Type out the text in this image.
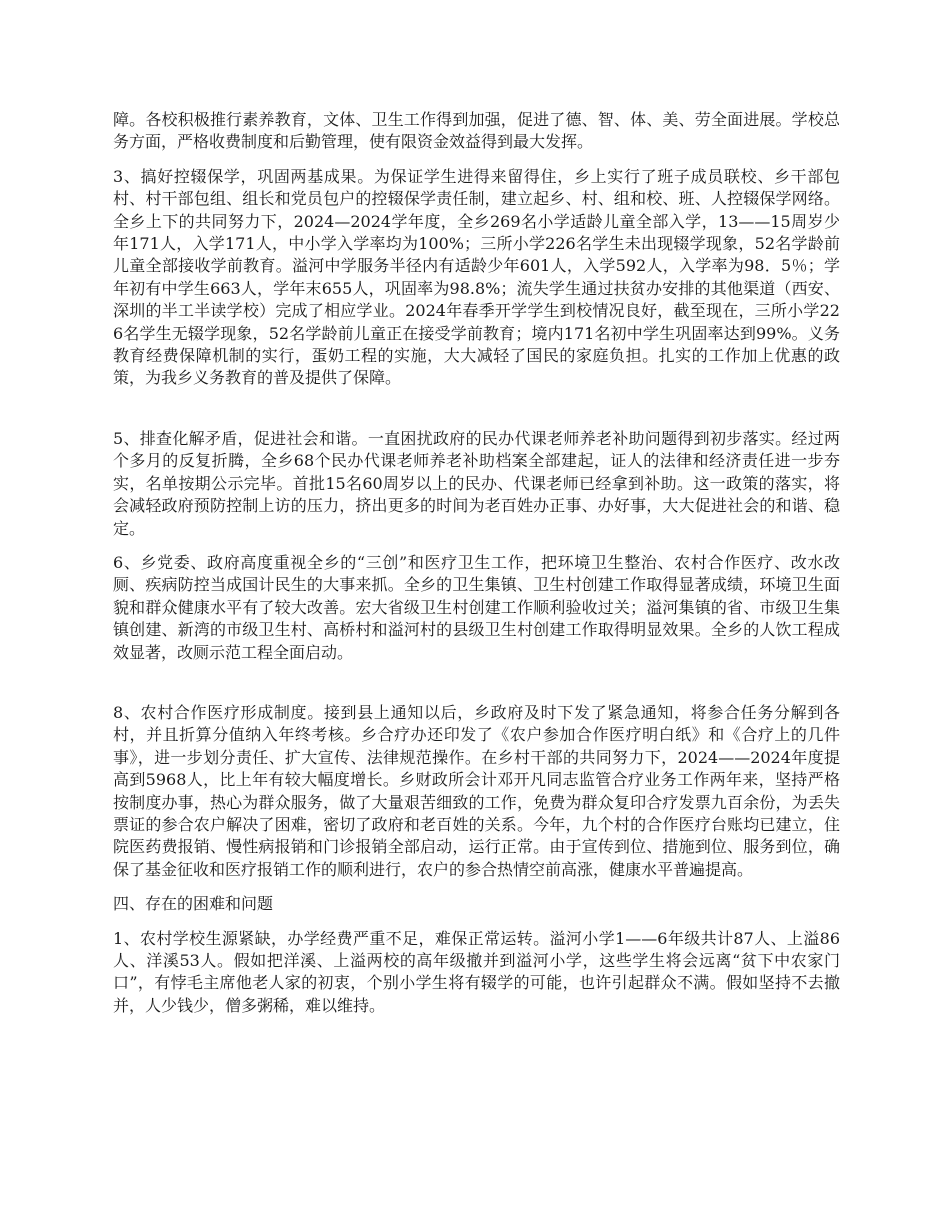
障。各校积极推行素养教育，文体、卫生工作得到加强，促进了德、智、体、美、劳全面进展。学校总务方面，严格收费制度和后勤管理，使有限资金效益得到最大发挥。

3、搞好控辍保学，巩固两基成果。为保证学生进得来留得住，乡上实行了班子成员联校、乡干部包村、村干部包组、组长和党员包户的控辍保学责任制，建立起乡、村、组和校、班、人控辍保学网络。全乡上下的共同努力下，2024—2024学年度，全乡269名小学适龄儿童全部入学，13——15周岁少年171人，入学171人，中小学入学率均为100%；三所小学226名学生未出现辍学现象，52名学龄前儿童全部接收学前教育。溢河中学服务半径内有适龄少年601人，入学592人，入学率为98．5％；学年初有中学生663人，学年末655人，巩固率为98.8%；流失学生通过扶贫办安排的其他渠道（西安、深圳的半工半读学校）完成了相应学业。2024年春季开学学生到校情况良好，截至现在，三所小学226名学生无辍学现象，52名学龄前儿童正在接受学前教育；境内171名初中学生巩固率达到99%。义务教育经费保障机制的实行，蛋奶工程的实施，大大减轻了国民的家庭负担。扎实的工作加上优惠的政策，为我乡义务教育的普及提供了保障。

5、排查化解矛盾，促进社会和谐。一直困扰政府的民办代课老师养老补助问题得到初步落实。经过两个多月的反复折腾，全乡68个民办代课老师养老补助档案全部建起，证人的法律和经济责任进一步夯实，名单按期公示完毕。首批15名60周岁以上的民办、代课老师已经拿到补助。这一政策的落实，将会减轻政府预防控制上访的压力，挤出更多的时间为老百姓办正事、办好事，大大促进社会的和谐、稳定。

6、乡党委、政府高度重视全乡的“三创”和医疗卫生工作，把环境卫生整治、农村合作医疗、改水改厕、疾病防控当成国计民生的大事来抓。全乡的卫生集镇、卫生村创建工作取得显著成绩，环境卫生面貌和群众健康水平有了较大改善。宏大省级卫生村创建工作顺利验收过关；溢河集镇的省、市级卫生集镇创建、新湾的市级卫生村、高桥村和溢河村的县级卫生村创建工作取得明显效果。全乡的人饮工程成效显著，改厕示范工程全面启动。

8、农村合作医疗形成制度。接到县上通知以后，乡政府及时下发了紧急通知，将参合任务分解到各村，并且折算分值纳入年终考核。乡合疗办还印发了《农户参加合作医疗明白纸》和《合疗上的几件事》，进一步划分责任、扩大宣传、法律规范操作。在乡村干部的共同努力下，2024——2024年度提高到5968人，比上年有较大幅度增长。乡财政所会计邓开凡同志监管合疗业务工作两年来，坚持严格按制度办事，热心为群众服务，做了大量艰苦细致的工作，免费为群众复印合疗发票九百余份，为丢失票证的参合农户解决了困难，密切了政府和老百姓的关系。今年，九个村的合作医疗台账均已建立，住院医药费报销、慢性病报销和门诊报销全部启动，运行正常。由于宣传到位、措施到位、服务到位，确保了基金征收和医疗报销工作的顺利进行，农户的参合热情空前高涨，健康水平普遍提高。

四、存在的困难和问题

1、农村学校生源紧缺，办学经费严重不足，难保正常运转。溢河小学1——6年级共计87人、上溢86人、洋溪53人。假如把洋溪、上溢两校的高年级撤并到溢河小学，这些学生将会远离“贫下中农家门口”，有悖毛主席他老人家的初衷，个别小学生将有辍学的可能，也许引起群众不满。假如坚持不去撤并，人少钱少，僧多粥稀，难以维持。
